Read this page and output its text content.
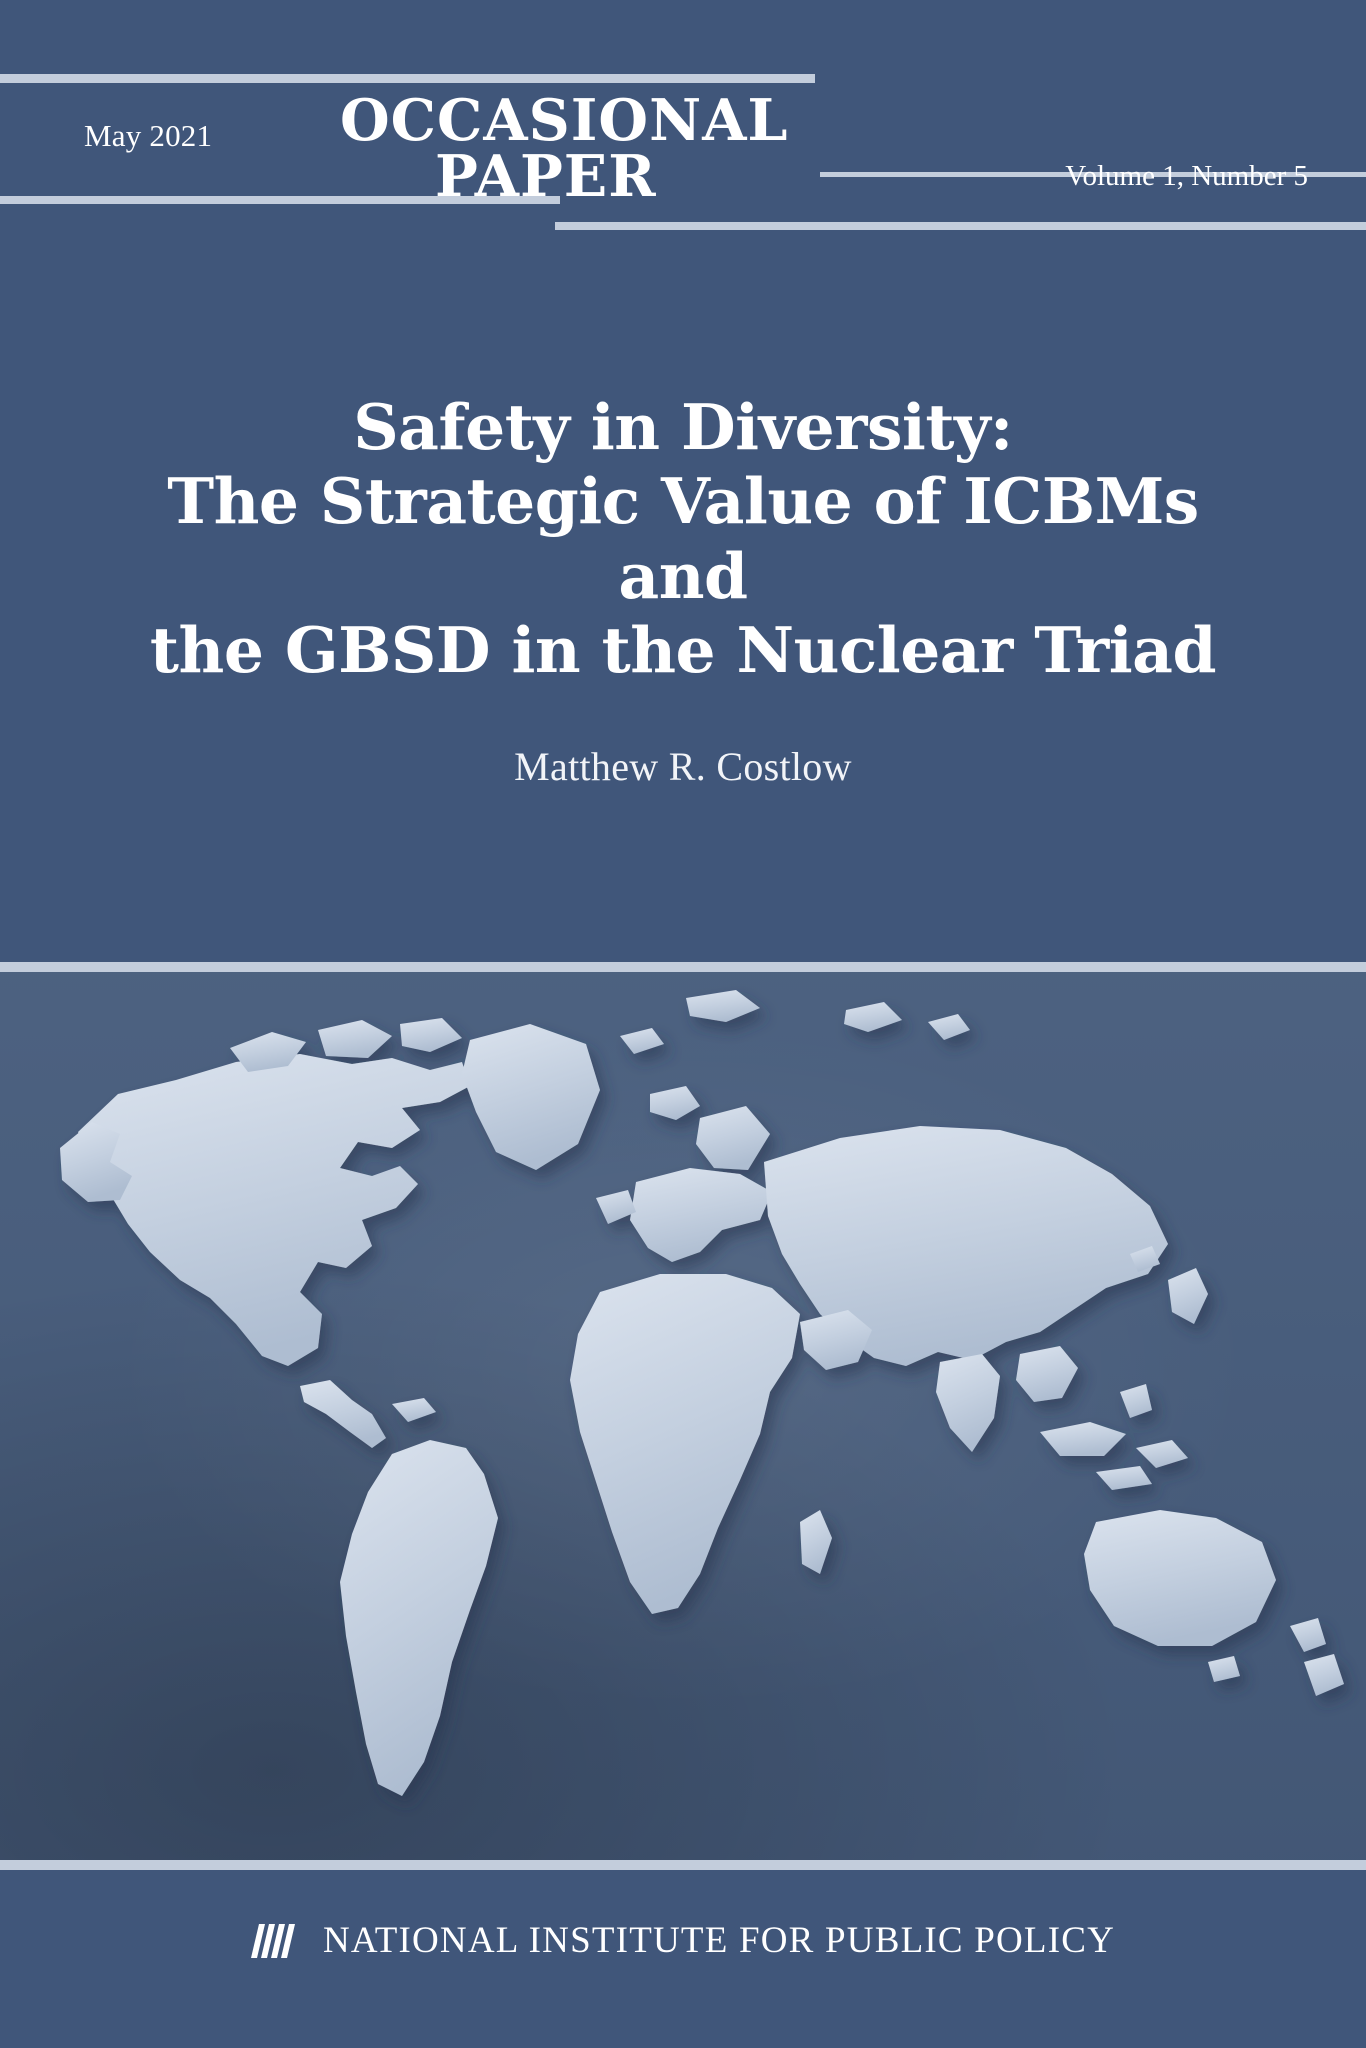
May 2021 OCCASIONAL
PAPER	Volume 1, Number 5
Safety in Diversity:
The Strategic Value of ICBMs and
the GBSD in the Nuclear Triad
Matthew R. Costlow
NATIONAL INSTITUTE FOR PUBLIC POLICY
